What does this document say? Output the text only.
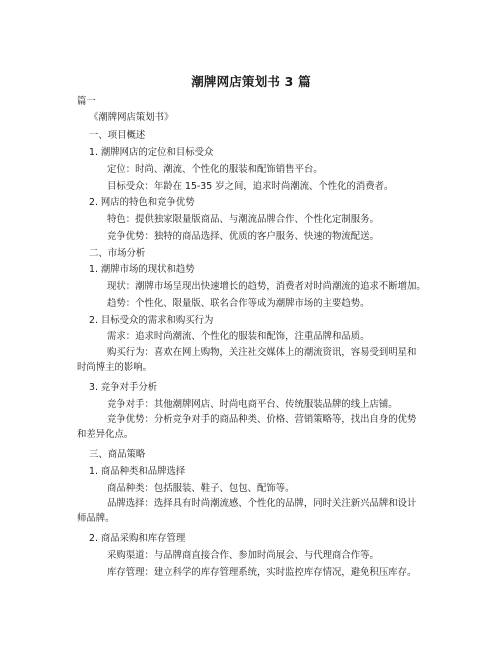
潮牌网店策划书 3 篇
篇一
《潮牌网店策划书》
一、项目概述
1. 潮牌网店的定位和目标受众
定位：时尚、潮流、个性化的服装和配饰销售平台。
目标受众：年龄在 15-35 岁之间，追求时尚潮流、个性化的消费者。
2. 网店的特色和竞争优势
特色：提供独家限量版商品、与潮流品牌合作、个性化定制服务。
竞争优势：独特的商品选择、优质的客户服务、快速的物流配送。
二、市场分析
1. 潮牌市场的现状和趋势
现状：潮牌市场呈现出快速增长的趋势，消费者对时尚潮流的追求不断增加。
趋势：个性化、限量版、联名合作等成为潮牌市场的主要趋势。
2. 目标受众的需求和购买行为
需求：追求时尚潮流、个性化的服装和配饰，注重品牌和品质。
购买行为：喜欢在网上购物，关注社交媒体上的潮流资讯，容易受到明星和时尚博主的影响。
3. 竞争对手分析
竞争对手：其他潮牌网店、时尚电商平台、传统服装品牌的线上店铺。
竞争优势：分析竞争对手的商品种类、价格、营销策略等，找出自身的优势和差异化点。
三、商品策略
1. 商品种类和品牌选择
商品种类：包括服装、鞋子、包包、配饰等。
品牌选择：选择具有时尚潮流感、个性化的品牌，同时关注新兴品牌和设计师品牌。
2. 商品采购和库存管理
采购渠道：与品牌商直接合作、参加时尚展会、与代理商合作等。
库存管理：建立科学的库存管理系统，实时监控库存情况，避免积压库存。
